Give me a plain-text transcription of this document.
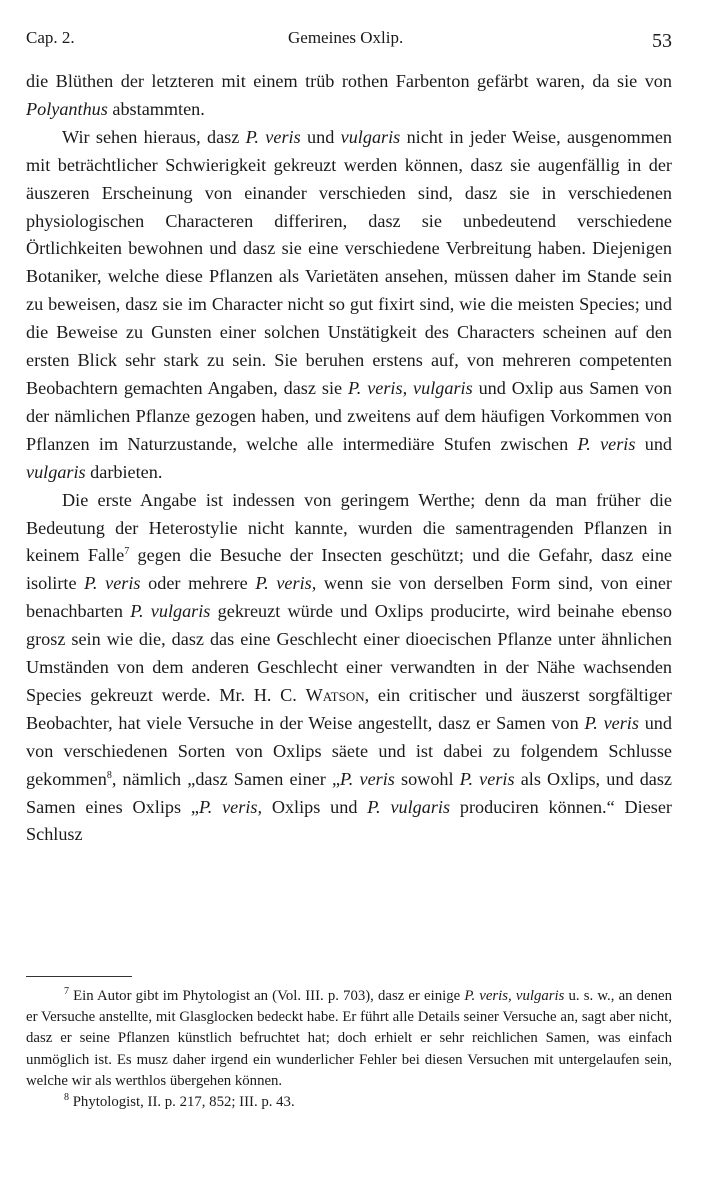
Cap. 2.	Gemeines Oxlip.	53

die Blüthen der letzteren mit einem trüb rothen Farbenton gefärbt waren, da sie von Polyanthus abstammten.

Wir sehen hieraus, dasz P. veris und vulgaris nicht in jeder Weise, ausgenommen mit beträchtlicher Schwierigkeit gekreuzt werden können, dasz sie augenfällig in der äuszeren Erscheinung von einander verschieden sind, dasz sie in verschiedenen physiologischen Characteren differiren, dasz sie unbedeutend verschiedene Örtlichkeiten bewohnen und dasz sie eine verschiedene Verbreitung haben. Diejenigen Botaniker, welche diese Pflanzen als Varietäten ansehen, müssen daher im Stande sein zu beweisen, dasz sie im Character nicht so gut fixirt sind, wie die meisten Species; und die Beweise zu Gunsten einer solchen Unstätigkeit des Characters scheinen auf den ersten Blick sehr stark zu sein. Sie beruhen erstens auf, von mehreren competenten Beobachtern gemachten Angaben, dasz sie P. veris, vulgaris und Oxlip aus Samen von der nämlichen Pflanze gezogen haben, und zweitens auf dem häufigen Vorkommen von Pflanzen im Naturzustande, welche alle intermediäre Stufen zwischen P. veris und vulgaris darbieten.

Die erste Angabe ist indessen von geringem Werthe; denn da man früher die Bedeutung der Heterostylie nicht kannte, wurden die samentragenden Pflanzen in keinem Falle$^7$ gegen die Besuche der Insecten geschützt; und die Gefahr, dasz eine isolirte P. veris oder mehrere P. veris, wenn sie von derselben Form sind, von einer benachbarten P. vulgaris gekreuzt würde und Oxlips producirte, wird beinahe ebenso grosz sein wie die, dasz das eine Geschlecht einer dioecischen Pflanze unter ähnlichen Umständen von dem anderen Geschlecht einer verwandten in der Nähe wachsenden Species gekreuzt werde. Mr. H. C. Watson, ein critischer und äuszerst sorgfältiger Beobachter, hat viele Versuche in der Weise angestellt, dasz er Samen von P. veris und von verschiedenen Sorten von Oxlips säete und ist dabei zu folgendem Schlusse gekommen$^8$, nämlich „dasz Samen einer „P. veris sowohl P. veris als Oxlips, und dasz Samen eines Oxlips „P. veris, Oxlips und P. vulgaris produciren können.“ Dieser Schlusz

$^7$ Ein Autor gibt im Phytologist an (Vol. III. p. 703), dasz er einige P. veris, vulgaris u. s. w., an denen er Versuche anstellte, mit Glasglocken bedeckt habe. Er führt alle Details seiner Versuche an, sagt aber nicht, dasz er seine Pflanzen künstlich befruchtet hat; doch erhielt er sehr reichlichen Samen, was einfach unmöglich ist. Es musz daher irgend ein wunderlicher Fehler bei diesen Versuchen mit untergelaufen sein, welche wir als werthlos übergehen können.

$^8$ Phytologist, II. p. 217, 852; III. p. 43.
